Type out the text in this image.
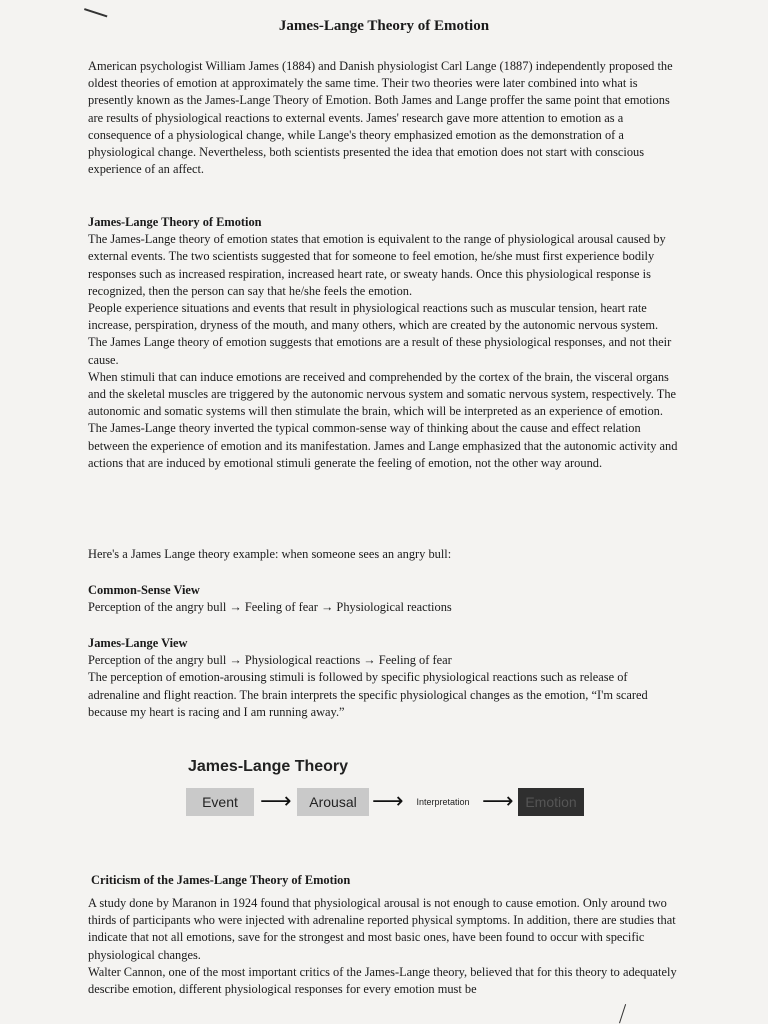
James-Lange Theory of Emotion

American psychologist William James (1884) and Danish physiologist Carl Lange (1887) independently proposed the oldest theories of emotion at approximately the same time. Their two theories were later combined into what is presently known as the James-Lange Theory of Emotion. Both James and Lange proffer the same point that emotions are results of physiological reactions to external events. James' research gave more attention to emotion as a consequence of a physiological change, while Lange's theory emphasized emotion as the demonstration of a physiological change. Nevertheless, both scientists presented the idea that emotion does not start with conscious experience of an affect.

James-Lange Theory of Emotion

The James-Lange theory of emotion states that emotion is equivalent to the range of physiological arousal caused by external events. The two scientists suggested that for someone to feel emotion, he/she must first experience bodily responses such as increased respiration, increased heart rate, or sweaty hands. Once this physiological response is recognized, then the person can say that he/she feels the emotion.

People experience situations and events that result in physiological reactions such as muscular tension, heart rate increase, perspiration, dryness of the mouth, and many others, which are created by the autonomic nervous system. The James Lange theory of emotion suggests that emotions are a result of these physiological responses, and not their cause.

When stimuli that can induce emotions are received and comprehended by the cortex of the brain, the visceral organs and the skeletal muscles are triggered by the autonomic nervous system and somatic nervous system, respectively. The autonomic and somatic systems will then stimulate the brain, which will be interpreted as an experience of emotion.

The James-Lange theory inverted the typical common-sense way of thinking about the cause and effect relation between the experience of emotion and its manifestation. James and Lange emphasized that the autonomic activity and actions that are induced by emotional stimuli generate the feeling of emotion, not the other way around.

Here's a James Lange theory example: when someone sees an angry bull:

Common-Sense View

Perception of the angry bull → Feeling of fear → Physiological reactions

James-Lange View

Perception of the angry bull → Physiological reactions → Feeling of fear

The perception of emotion-arousing stimuli is followed by specific physiological reactions such as release of adrenaline and flight reaction. The brain interprets the specific physiological changes as the emotion, “I'm scared because my heart is racing and I am running away.”

James-Lange Theory
Event	⟶	Arousal ⟶	Interpretation ⟶ Emotion
Criticism of the James-Lange Theory of Emotion

A study done by Maranon in 1924 found that physiological arousal is not enough to cause emotion. Only around two thirds of participants who were injected with adrenaline reported physical symptoms. In addition, there are studies that indicate that not all emotions, save for the strongest and most basic ones, have been found to occur with specific physiological changes.

Walter Cannon, one of the most important critics of the James-Lange theory, believed that for this theory to adequately describe emotion, different physiological responses for every emotion must be
